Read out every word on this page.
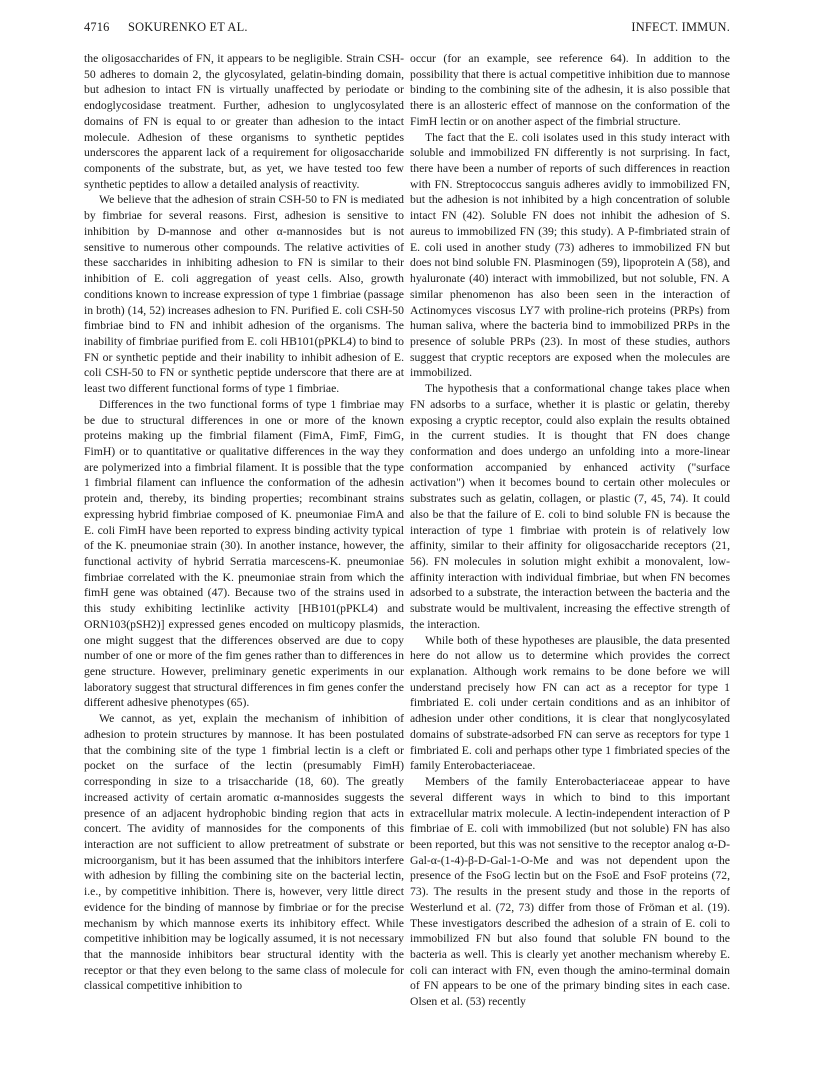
4716 SOKURENKO ET AL.	INFECT. IMMUN.

the oligosaccharides of FN, it appears to be negligible. Strain CSH-50 adheres to domain 2, the glycosylated, gelatin-binding domain, but adhesion to intact FN is virtually unaffected by periodate or endoglycosidase treatment. Further, adhesion to unglycosylated domains of FN is equal to or greater than adhesion to the intact molecule. Adhesion of these organisms to synthetic peptides underscores the apparent lack of a requirement for oligosaccharide components of the substrate, but, as yet, we have tested too few synthetic peptides to allow a detailed analysis of reactivity.

We believe that the adhesion of strain CSH-50 to FN is mediated by fimbriae for several reasons. First, adhesion is sensitive to inhibition by D-mannose and other α-mannosides but is not sensitive to numerous other compounds. The relative activities of these saccharides in inhibiting adhesion to FN is similar to their inhibition of E. coli aggregation of yeast cells. Also, growth conditions known to increase expression of type 1 fimbriae (passage in broth) (14, 52) increases adhesion to FN. Purified E. coli CSH-50 fimbriae bind to FN and inhibit adhesion of the organisms. The inability of fimbriae purified from E. coli HB101(pPKL4) to bind to FN or synthetic peptide and their inability to inhibit adhesion of E. coli CSH-50 to FN or synthetic peptide underscore that there are at least two different functional forms of type 1 fimbriae.

Differences in the two functional forms of type 1 fimbriae may be due to structural differences in one or more of the known proteins making up the fimbrial filament (FimA, FimF, FimG, FimH) or to quantitative or qualitative differences in the way they are polymerized into a fimbrial filament. It is possible that the type 1 fimbrial filament can influence the conformation of the adhesin protein and, thereby, its binding properties; recombinant strains expressing hybrid fimbriae composed of K. pneumoniae FimA and E. coli FimH have been reported to express binding activity typical of the K. pneumoniae strain (30). In another instance, however, the functional activity of hybrid Serratia marcescens-K. pneumoniae fimbriae correlated with the K. pneumoniae strain from which the fimH gene was obtained (47). Because two of the strains used in this study exhibiting lectinlike activity [HB101(pPKL4) and ORN103(pSH2)] expressed genes encoded on multicopy plasmids, one might suggest that the differences observed are due to copy number of one or more of the fim genes rather than to differences in gene structure. However, preliminary genetic experiments in our laboratory suggest that structural differences in fim genes confer the different adhesive phenotypes (65).

We cannot, as yet, explain the mechanism of inhibition of adhesion to protein structures by mannose. It has been postulated that the combining site of the type 1 fimbrial lectin is a cleft or pocket on the surface of the lectin (presumably FimH) corresponding in size to a trisaccharide (18, 60). The greatly increased activity of certain aromatic α-mannosides suggests the presence of an adjacent hydrophobic binding region that acts in concert. The avidity of mannosides for the components of this interaction are not sufficient to allow pretreatment of substrate or microorganism, but it has been assumed that the inhibitors interfere with adhesion by filling the combining site on the bacterial lectin, i.e., by competitive inhibition. There is, however, very little direct evidence for the binding of mannose by fimbriae or for the precise mechanism by which mannose exerts its inhibitory effect. While competitive inhibition may be logically assumed, it is not necessary that the mannoside inhibitors bear structural identity with the receptor or that they even belong to the same class of molecule for classical competitive inhibition to

occur (for an example, see reference 64). In addition to the possibility that there is actual competitive inhibition due to mannose binding to the combining site of the adhesin, it is also possible that there is an allosteric effect of mannose on the conformation of the FimH lectin or on another aspect of the fimbrial structure.

The fact that the E. coli isolates used in this study interact with soluble and immobilized FN differently is not surprising. In fact, there have been a number of reports of such differences in reaction with FN. Streptococcus sanguis adheres avidly to immobilized FN, but the adhesion is not inhibited by a high concentration of soluble intact FN (42). Soluble FN does not inhibit the adhesion of S. aureus to immobilized FN (39; this study). A P-fimbriated strain of E. coli used in another study (73) adheres to immobilized FN but does not bind soluble FN. Plasminogen (59), lipoprotein A (58), and hyaluronate (40) interact with immobilized, but not soluble, FN. A similar phenomenon has also been seen in the interaction of Actinomyces viscosus LY7 with proline-rich proteins (PRPs) from human saliva, where the bacteria bind to immobilized PRPs in the presence of soluble PRPs (23). In most of these studies, authors suggest that cryptic receptors are exposed when the molecules are immobilized.

The hypothesis that a conformational change takes place when FN adsorbs to a surface, whether it is plastic or gelatin, thereby exposing a cryptic receptor, could also explain the results obtained in the current studies. It is thought that FN does change conformation and does undergo an unfolding into a more-linear conformation accompanied by enhanced activity ("surface activation") when it becomes bound to certain other molecules or substrates such as gelatin, collagen, or plastic (7, 45, 74). It could also be that the failure of E. coli to bind soluble FN is because the interaction of type 1 fimbriae with protein is of relatively low affinity, similar to their affinity for oligosaccharide receptors (21, 56). FN molecules in solution might exhibit a monovalent, low-affinity interaction with individual fimbriae, but when FN becomes adsorbed to a substrate, the interaction between the bacteria and the substrate would be multivalent, increasing the effective strength of the interaction.

While both of these hypotheses are plausible, the data presented here do not allow us to determine which provides the correct explanation. Although work remains to be done before we will understand precisely how FN can act as a receptor for type 1 fimbriated E. coli under certain conditions and as an inhibitor of adhesion under other conditions, it is clear that nonglycosylated domains of substrate-adsorbed FN can serve as receptors for type 1 fimbriated E. coli and perhaps other type 1 fimbriated species of the family Enterobacteriaceae.

Members of the family Enterobacteriaceae appear to have several different ways in which to bind to this important extracellular matrix molecule. A lectin-independent interaction of P fimbriae of E. coli with immobilized (but not soluble) FN has also been reported, but this was not sensitive to the receptor analog α-D-Gal-α-(1-4)-β-D-Gal-1-O-Me and was not dependent upon the presence of the FsoG lectin but on the FsoE and FsoF proteins (72, 73). The results in the present study and those in the reports of Westerlund et al. (72, 73) differ from those of Fröman et al. (19). These investigators described the adhesion of a strain of E. coli to immobilized FN but also found that soluble FN bound to the bacteria as well. This is clearly yet another mechanism whereby E. coli can interact with FN, even though the amino-terminal domain of FN appears to be one of the primary binding sites in each case. Olsen et al. (53) recently
